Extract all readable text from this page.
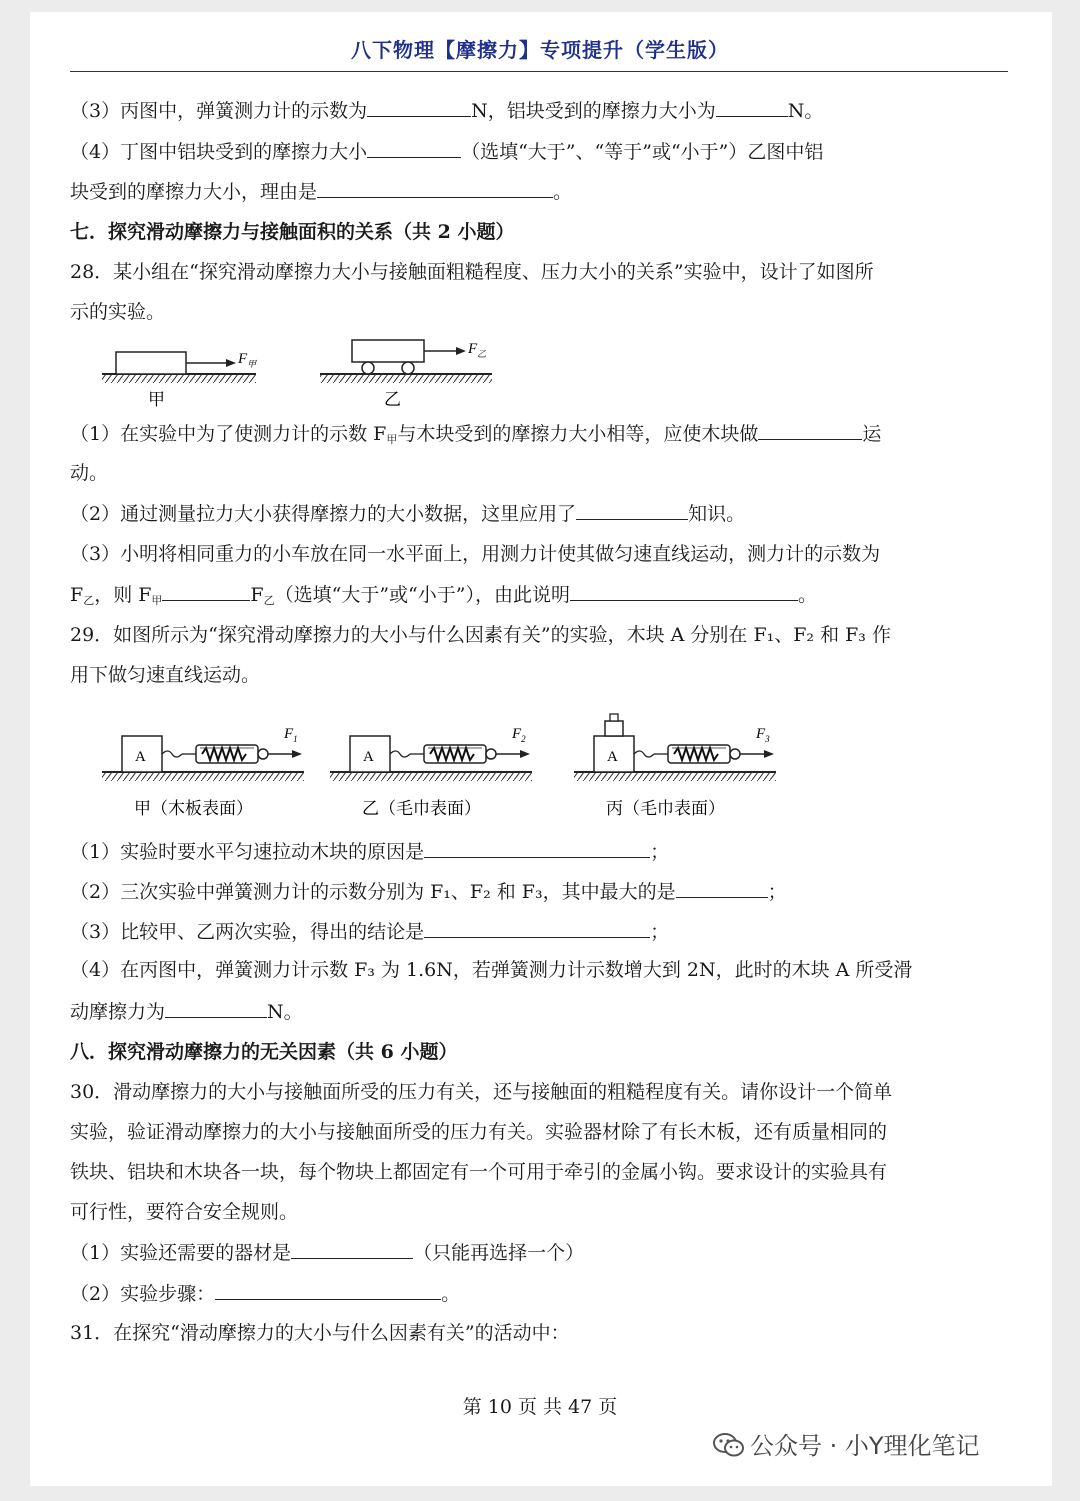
八下物理【摩擦力】专项提升（学生版）
（3）丙图中，弹簧测力计的示数为	N，铝块受到的摩擦力大小为	N。
（4）丁图中铝块受到的摩擦力大小	（选填“大于”、“等于”或“小于”）乙图中铝
块受到的摩擦力大小，理由是	。
七．探究滑动摩擦力与接触面积的关系（共 2 小题）
28．某小组在“探究滑动摩擦力大小与接触面粗糙程度、压力大小的关系”实验中，设计了如图所
示的实验。
$F_甲$
甲
$F_乙$
乙
（1）在实验中为了使测力计的示数 $F_甲$与木块受到的摩擦力大小相等，应使木块做	运
动。
（2）通过测量拉力大小获得摩擦力的大小数据，这里应用了	知识。
（3）小明将相同重力的小车放在同一水平面上，用测力计使其做匀速直线运动，测力计的示数为
$F_乙$，则 $F_甲$	$F_乙$（选填“大于”或“小于”），由此说明	。
29．如图所示为“探究滑动摩擦力的大小与什么因素有关”的实验，木块 A 分别在 F₁、F₂ 和 F₃ 作
用下做匀速直线运动。
A
$F_1$
甲（木板表面）
A
$F_2$
乙（毛巾表面）
A
$F_3$
丙（毛巾表面）
（1）实验时要水平匀速拉动木块的原因是	；
（2）三次实验中弹簧测力计的示数分别为 F₁、F₂ 和 F₃，其中最大的是	；
（3）比较甲、乙两次实验，得出的结论是	；
（4）在丙图中，弹簧测力计示数 F₃ 为 1.6N，若弹簧测力计示数增大到 2N，此时的木块 A 所受滑
动摩擦力为	N。
八．探究滑动摩擦力的无关因素（共 6 小题）
30．滑动摩擦力的大小与接触面所受的压力有关，还与接触面的粗糙程度有关。请你设计一个简单
实验，验证滑动摩擦力的大小与接触面所受的压力有关。实验器材除了有长木板，还有质量相同的
铁块、铝块和木块各一块，每个物块上都固定有一个可用于牵引的金属小钩。要求设计的实验具有
可行性，要符合安全规则。
（1）实验还需要的器材是	（只能再选择一个）
（2）实验步骤：	。
31．在探究“滑动摩擦力的大小与什么因素有关”的活动中：
第 10 页 共 47 页
公众号 · 小Y理化笔记
